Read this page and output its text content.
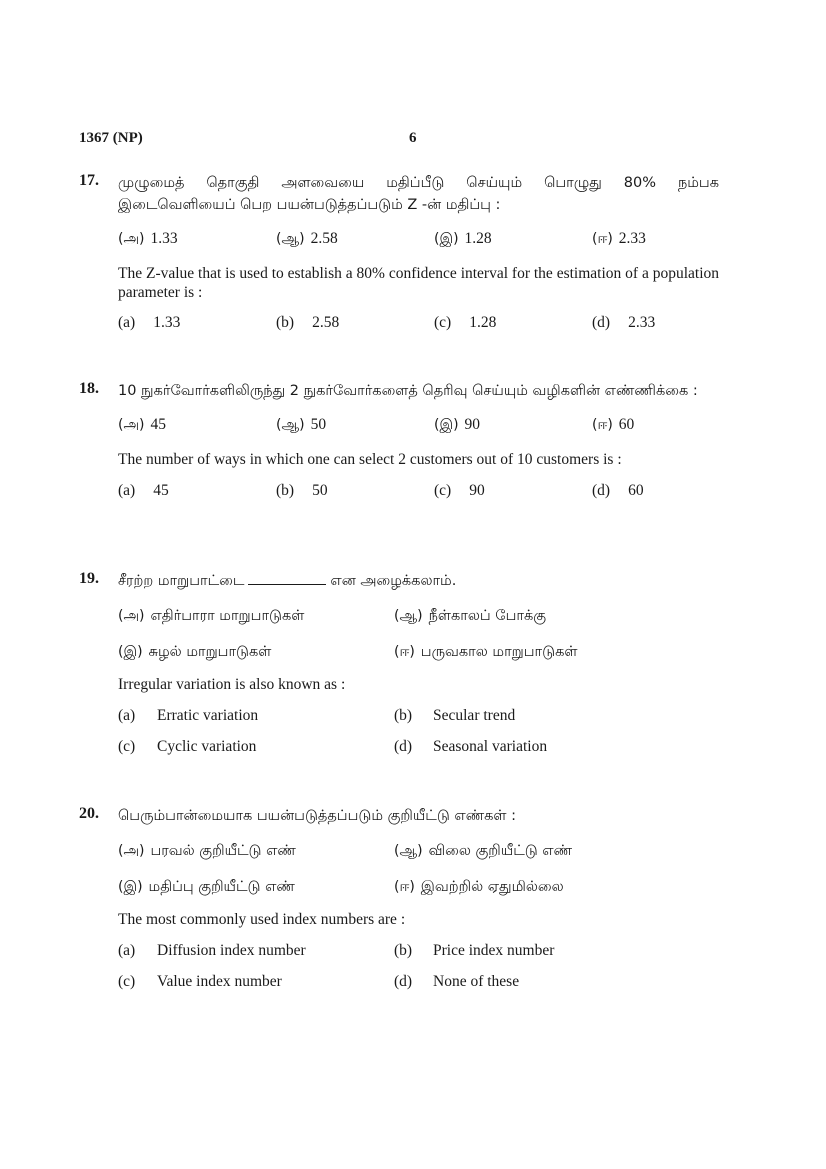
1367 (NP)	6
17. முழுமைத் தொகுதி அளவையை மதிப்பீடு செய்யும் பொழுது 80% நம்பக இடைவெளியைப் பெற பயன்படுத்தப்படும் Z -ன் மதிப்பு :
(அ) 1.33	(ஆ) 2.58	(இ) 1.28	(ஈ) 2.33
The Z-value that is used to establish a 80% confidence interval for the estimation of a population parameter is :
(a) 1.33	(b) 2.58	(c) 1.28	(d) 2.33
18. 10 நுகர்வோர்களிலிருந்து 2 நுகர்வோர்களைத் தெரிவு செய்யும் வழிகளின் எண்ணிக்கை :
(அ) 45	(ஆ) 50	(இ) 90	(ஈ) 60
The number of ways in which one can select 2 customers out of 10 customers is :
(a) 45	(b) 50	(c) 90	(d) 60
19. சீரற்ற மாறுபாட்டை	என அழைக்கலாம்.
(அ) எதிர்பாரா மாறுபாடுகள்	(ஆ) நீள்காலப் போக்கு
(இ) சுழல் மாறுபாடுகள்	(ஈ) பருவகால மாறுபாடுகள்
Irregular variation is also known as :
(a) Erratic variation	(b) Secular trend
(c) Cyclic variation	(d) Seasonal variation
20. பெரும்பான்மையாக பயன்படுத்தப்படும் குறியீட்டு எண்கள் :
(அ) பரவல் குறியீட்டு எண்	(ஆ) விலை குறியீட்டு எண்
(இ) மதிப்பு குறியீட்டு எண்	(ஈ) இவற்றில் ஏதுமில்லை
The most commonly used index numbers are :
(a) Diffusion index number	(b) Price index number
(c) Value index number	(d) None of these
